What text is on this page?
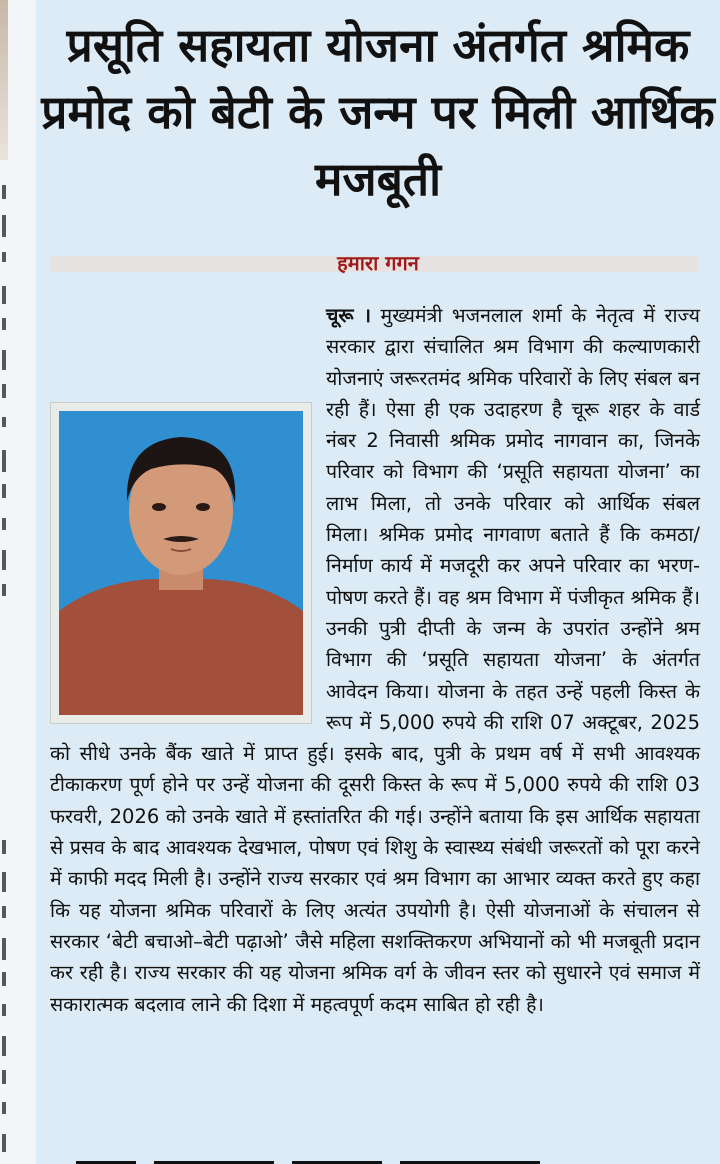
प्रसूति सहायता योजना अंतर्गत श्रमिक प्रमोद को बेटी के जन्म पर मिली आर्थिक मजबूती
हमारा गगन
चूरू । मुख्यमंत्री भजनलाल शर्मा के नेतृत्व में राज्य सरकार द्वारा संचालित श्रम विभाग की कल्याणकारी योजनाएं जरूरतमंद श्रमिक परिवारों के लिए संबल बन रही हैं। ऐसा ही एक उदाहरण है चूरू शहर के वार्ड नंबर 2 निवासी श्रमिक प्रमोद नागवान का, जिनके परिवार को विभाग की ‘प्रसूति सहायता योजना’ का लाभ मिला, तो उनके परिवार को आर्थिक संबल मिला। श्रमिक प्रमोद नागवाण बताते हैं कि कमठा/निर्माण कार्य में मजदूरी कर अपने परिवार का भरण-पोषण करते हैं। वह श्रम विभाग में पंजीकृत श्रमिक हैं। उनकी पुत्री दीप्ती के जन्म के उपरांत उन्होंने श्रम विभाग की ‘प्रसूति सहायता योजना’ के अंतर्गत आवेदन किया। योजना के तहत उन्हें पहली किस्त के रूप में 5,000 रुपये की राशि 07 अक्टूबर, 2025 को सीधे उनके बैंक खाते में प्राप्त हुई। इसके बाद, पुत्री के प्रथम वर्ष में सभी आवश्यक टीकाकरण पूर्ण होने पर उन्हें योजना की दूसरी किस्त के रूप में 5,000 रुपये की राशि 03 फरवरी, 2026 को उनके खाते में हस्तांतरित की गई। उन्होंने बताया कि इस आर्थिक सहायता से प्रसव के बाद आवश्यक देखभाल, पोषण एवं शिशु के स्वास्थ्य संबंधी जरूरतों को पूरा करने में काफी मदद मिली है। उन्होंने राज्य सरकार एवं श्रम विभाग का आभार व्यक्त करते हुए कहा कि यह योजना श्रमिक परिवारों के लिए अत्यंत उपयोगी है। ऐसी योजनाओं के संचालन से सरकार ‘बेटी बचाओ–बेटी पढ़ाओ’ जैसे महिला सशक्तिकरण अभियानों को भी मजबूती प्रदान कर रही है। राज्य सरकार की यह योजना श्रमिक वर्ग के जीवन स्तर को सुधारने एवं समाज में सकारात्मक बदलाव लाने की दिशा में महत्वपूर्ण कदम साबित हो रही है।
